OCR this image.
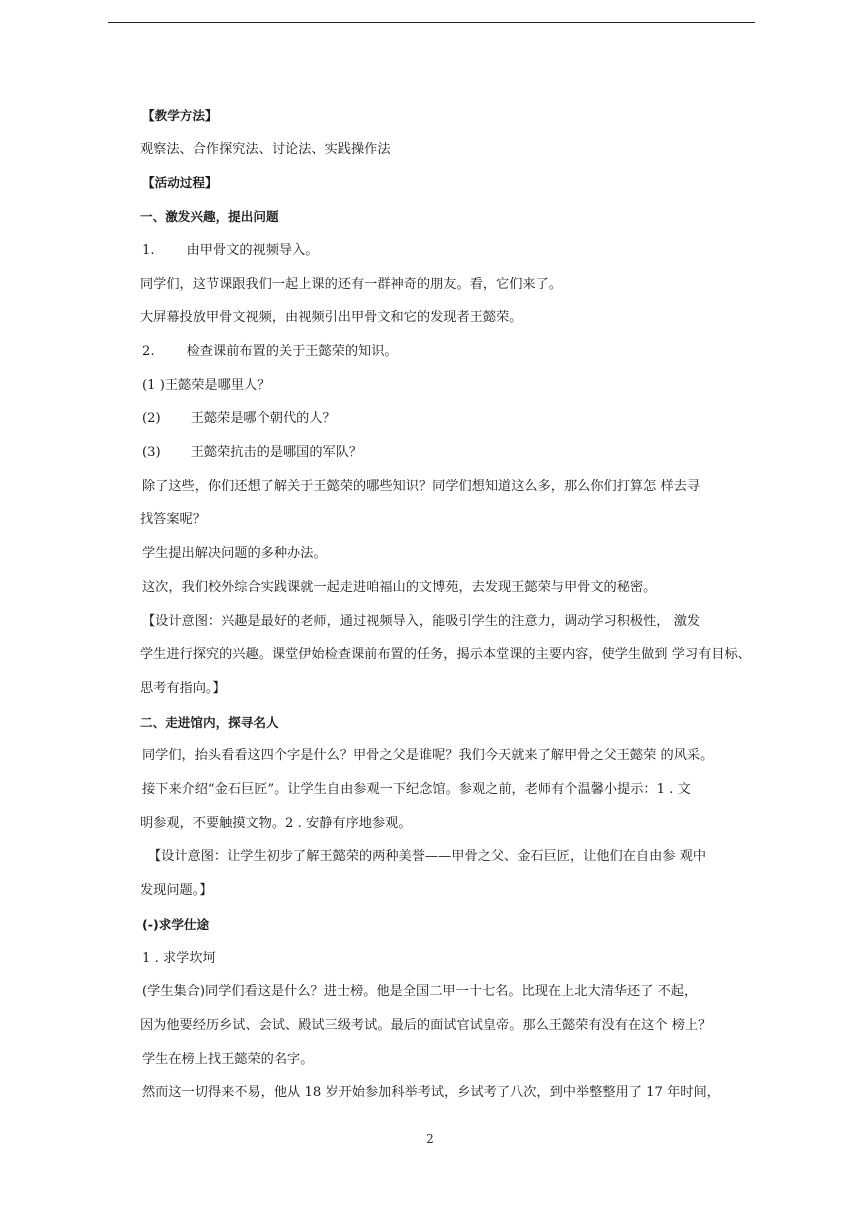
【教学方法】
观察法、合作探究法、讨论法、实践操作法
【活动过程】
一、激发兴趣，提出问题
1. 由甲骨文的视频导入。
同学们，这节课跟我们一起上课的还有一群神奇的朋友。看，它们来了。
大屏幕投放甲骨文视频，由视频引出甲骨文和它的发现者王懿荣。
2. 检查课前布置的关于王懿荣的知识。
(1 )王懿荣是哪里人？
(2) 王懿荣是哪个朝代的人？
(3) 王懿荣抗击的是哪国的军队？
除了这些，你们还想了解关于王懿荣的哪些知识？同学们想知道这么多，那么你们打算怎 样去寻
找答案呢？
学生提出解决问题的多种办法。
这次，我们校外综合实践课就一起走进咱福山的文博苑，去发现王懿荣与甲骨文的秘密。
【设计意图：兴趣是最好的老师，通过视频导入，能吸引学生的注意力，调动学习积极性， 激发
学生进行探究的兴趣。课堂伊始检查课前布置的任务，揭示本堂课的主要内容，使学生做到 学习有目标、
思考有指向。】
二、走进馆内，探寻名人
同学们，抬头看看这四个字是什么？甲骨之父是谁呢？我们今天就来了解甲骨之父王懿荣 的风采。
接下来介绍“金石巨匠”。让学生自由参观一下纪念馆。参观之前，老师有个温馨小提示：1 . 文
明参观，不要触摸文物。2 . 安静有序地参观。
【设计意图：让学生初步了解王懿荣的两种美誉——甲骨之父、金石巨匠，让他们在自由参 观中
发现问题。】
(-)求学仕途
1 . 求学坎坷
(学生集合)同学们看这是什么？进士榜。他是全国二甲一十七名。比现在上北大清华还了 不起，
因为他要经历乡试、会试、殿试三级考试。最后的面试官试皇帝。那么王懿荣有没有在这个 榜上？
学生在榜上找王懿荣的名字。
然而这一切得来不易，他从 18 岁开始参加科举考试，乡试考了八次，到中举整整用了 17 年时间，
2
